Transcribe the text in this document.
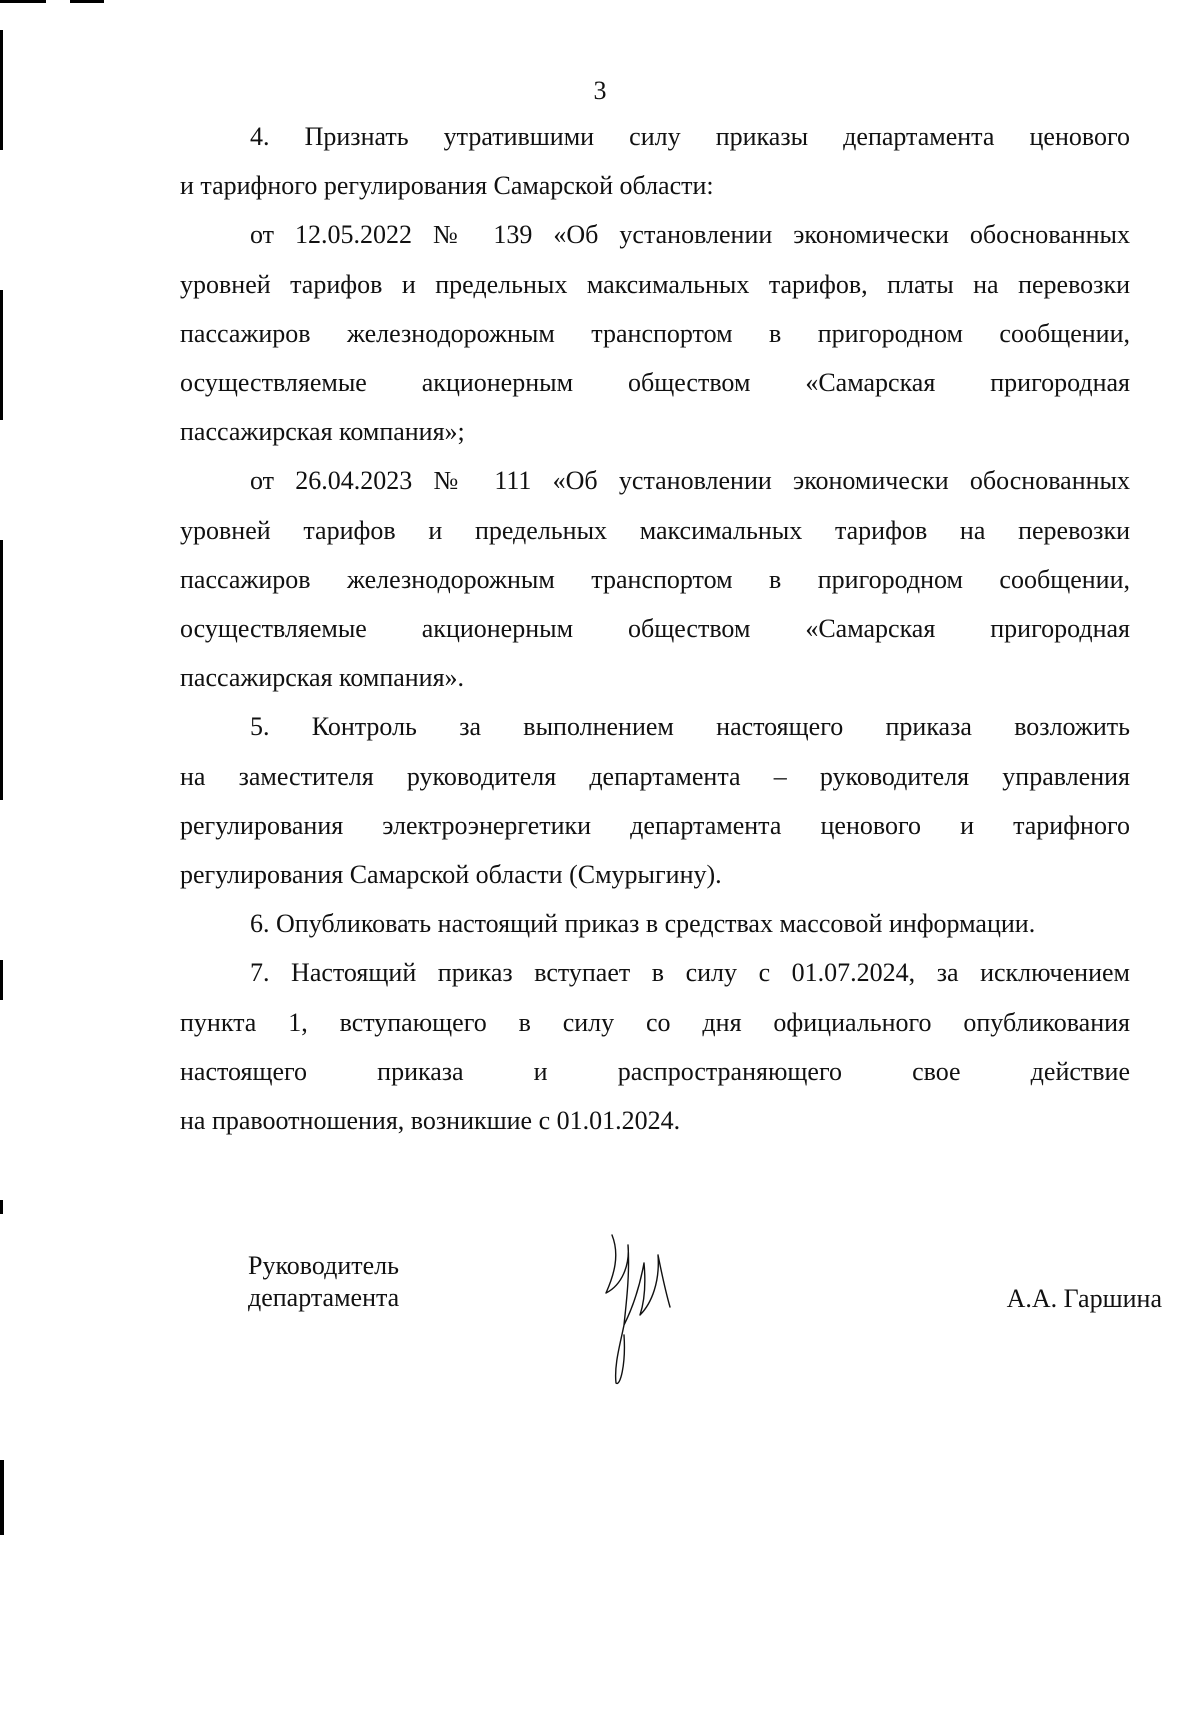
3
4. Признать утратившими силу приказы департамента ценового
и тарифного регулирования Самарской области:
от 12.05.2022 № 139 «Об установлении экономически обоснованных
уровней тарифов и предельных максимальных тарифов, платы на перевозки
пассажиров железнодорожным транспортом в пригородном сообщении,
осуществляемые акционерным обществом «Самарская пригородная
пассажирская компания»;
от 26.04.2023 № 111 «Об установлении экономически обоснованных
уровней тарифов и предельных максимальных тарифов на перевозки
пассажиров железнодорожным транспортом в пригородном сообщении,
осуществляемые акционерным обществом «Самарская пригородная
пассажирская компания».
5. Контроль за выполнением настоящего приказа возложить
на заместителя руководителя департамента – руководителя управления
регулирования электроэнергетики департамента ценового и тарифного
регулирования Самарской области (Смурыгину).
6. Опубликовать настоящий приказ в средствах массовой информации.
7. Настоящий приказ вступает в силу с 01.07.2024, за исключением
пункта 1, вступающего в силу со дня официального опубликования
настоящего приказа и распространяющего свое действие
на правоотношения, возникшие с 01.01.2024.
Руководитель
департамента	А.А. Гаршина
